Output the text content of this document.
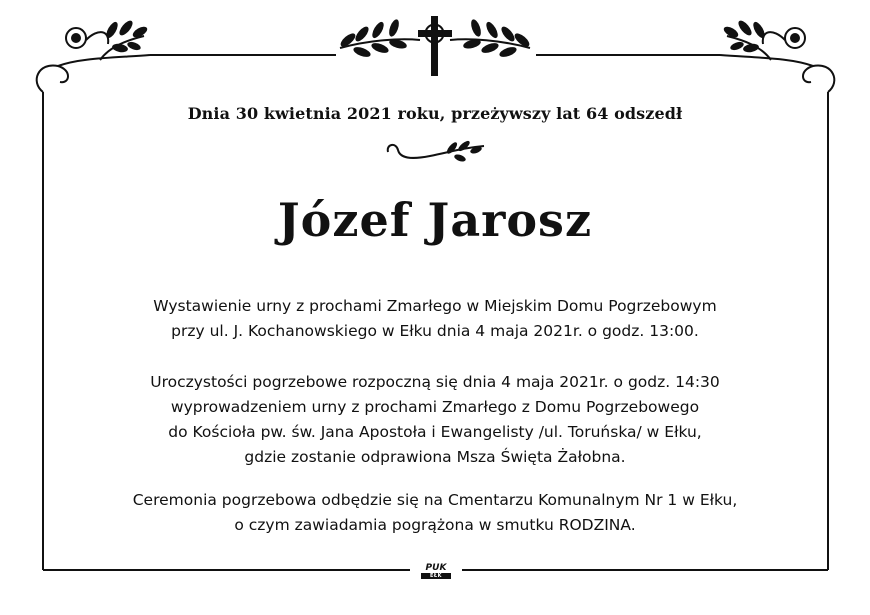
Dnia 30 kwietnia 2021 roku, przeżywszy lat 64 odszedł
Józef Jarosz
Wystawienie urny z prochami Zmarłego w Miejskim Domu Pogrzebowym
przy ul. J. Kochanowskiego w Ełku dnia 4 maja 2021r. o godz. 13:00.
Uroczystości pogrzebowe rozpoczną się dnia 4 maja 2021r. o godz. 14:30
wyprowadzeniem urny z prochami Zmarłego z Domu Pogrzebowego
do Kościoła pw. św. Jana Apostoła i Ewangelisty /ul. Toruńska/ w Ełku,
gdzie zostanie odprawiona Msza Święta Żałobna.
Ceremonia pogrzebowa odbędzie się na Cmentarzu Komunalnym Nr 1 w Ełku,
o czym zawiadamia pogrążona w smutku RODZINA.
PUK
EŁK
